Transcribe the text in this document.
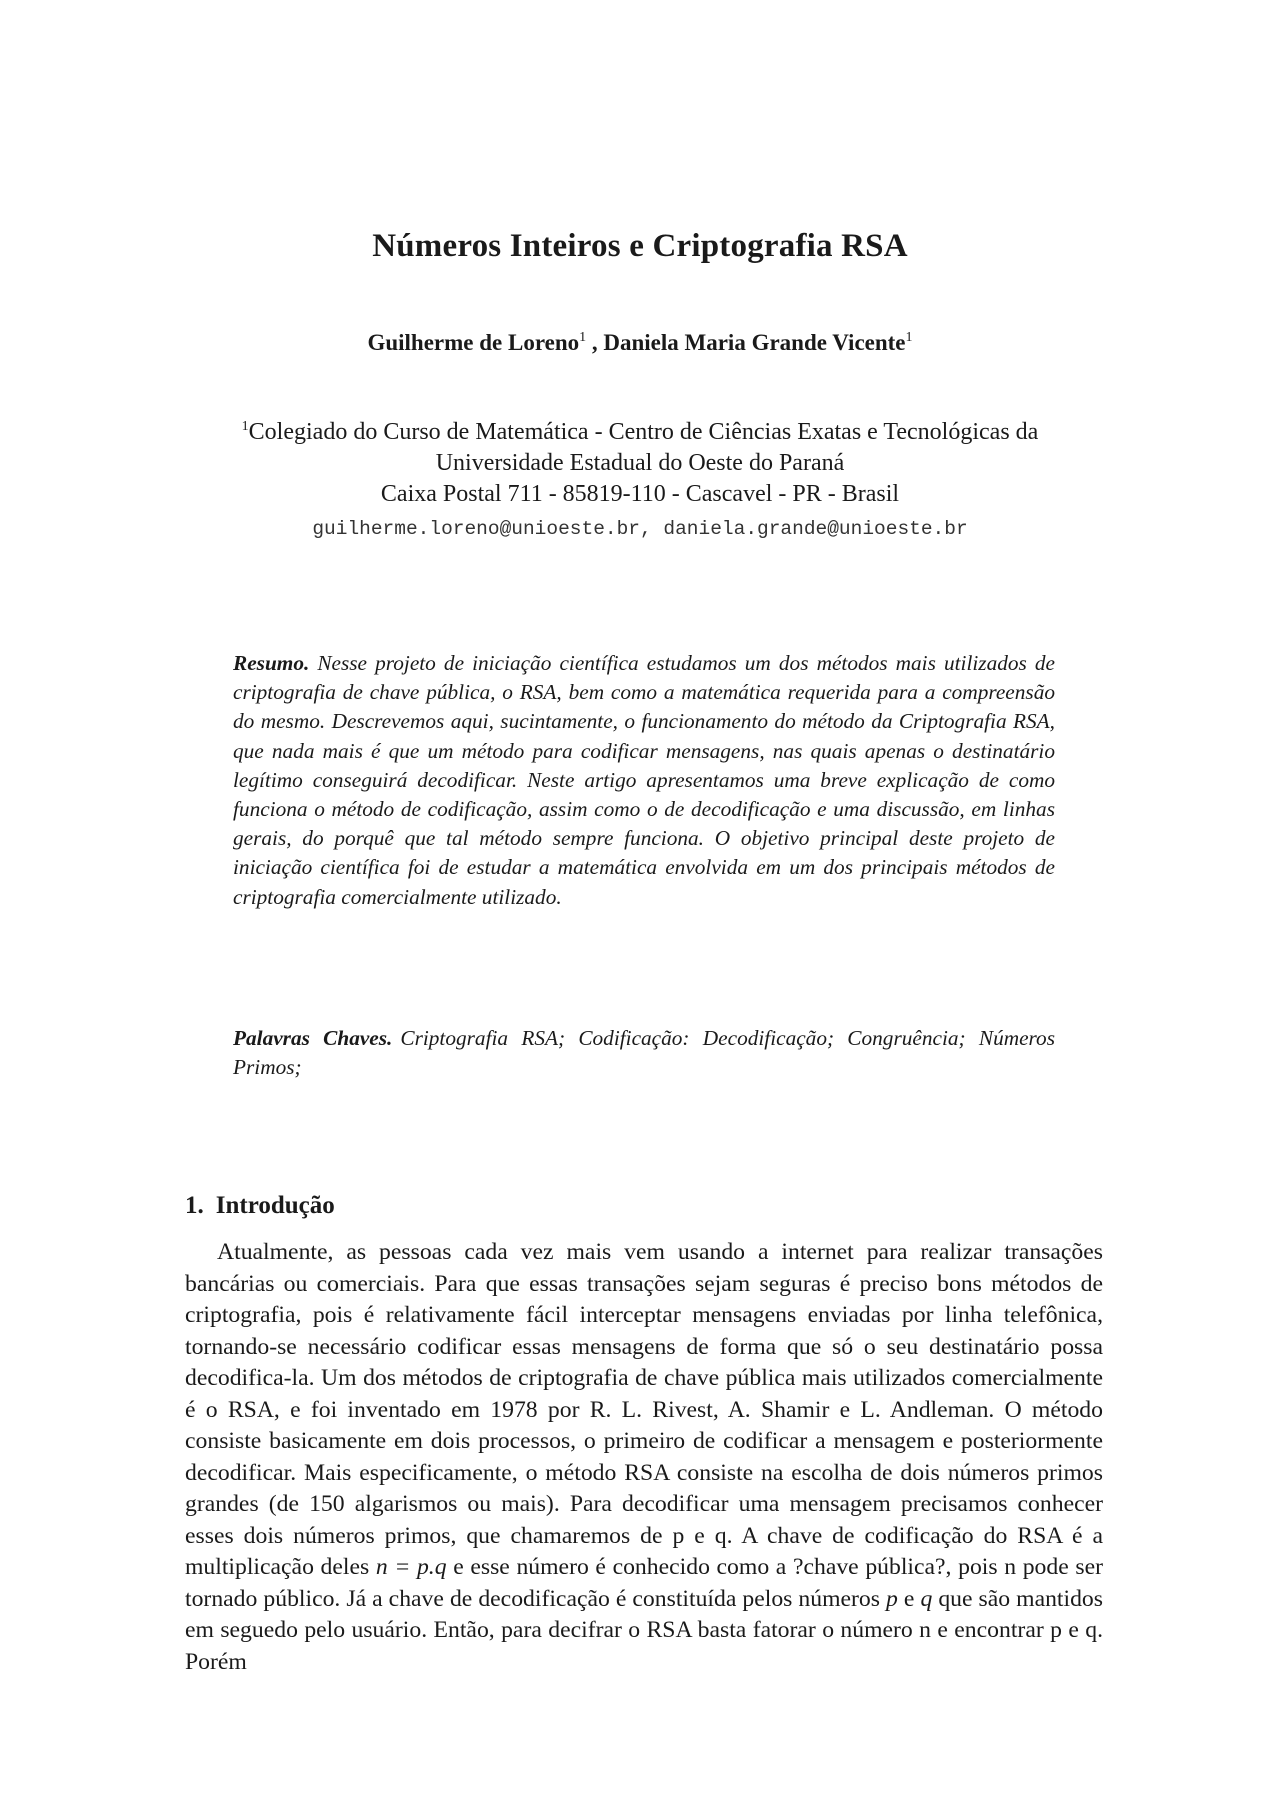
Números Inteiros e Criptografia RSA
Guilherme de Loreno$^1$ , Daniela Maria Grande Vicente$^1$
$^1$Colegiado do Curso de Matemática - Centro de Ciências Exatas e Tecnológicas da
Universidade Estadual do Oeste do Paraná
Caixa Postal 711 - 85819-110 - Cascavel - PR - Brasil
guilherme.loreno@unioeste.br, daniela.grande@unioeste.br
Resumo. Nesse projeto de iniciação científica estudamos um dos métodos mais utilizados de criptografia de chave pública, o RSA, bem como a matemática requerida para a compreensão do mesmo. Descrevemos aqui, sucintamente, o funcionamento do método da Criptografia RSA, que nada mais é que um método para codificar mensagens, nas quais apenas o destinatário legítimo conseguirá decodificar. Neste artigo apresentamos uma breve explicação de como funciona o método de codificação, assim como o de decodificação e uma discussão, em linhas gerais, do porquê que tal método sempre funciona. O objetivo principal deste projeto de iniciação científica foi de estudar a matemática envolvida em um dos principais métodos de criptografia comercialmente utilizado.
Palavras Chaves. Criptografia RSA; Codificação: Decodificação; Congruência; Números Primos;
1. Introdução
Atualmente, as pessoas cada vez mais vem usando a internet para realizar transações bancárias ou comerciais. Para que essas transações sejam seguras é preciso bons métodos de criptografia, pois é relativamente fácil interceptar mensagens enviadas por linha telefônica, tornando-se necessário codificar essas mensagens de forma que só o seu destinatário possa decodifica-la. Um dos métodos de criptografia de chave pública mais utilizados comercialmente é o RSA, e foi inventado em 1978 por R. L. Rivest, A. Shamir e L. Andleman. O método consiste basicamente em dois processos, o primeiro de codificar a mensagem e posteriormente decodificar. Mais especificamente, o método RSA consiste na escolha de dois números primos grandes (de 150 algarismos ou mais). Para decodificar uma mensagem precisamos conhecer esses dois números primos, que chamaremos de p e q. A chave de codificação do RSA é a multiplicação deles n = p.q e esse número é conhecido como a ?chave pública?, pois n pode ser tornado público. Já a chave de decodificação é constituída pelos números p e q que são mantidos em seguedo pelo usuário. Então, para decifrar o RSA basta fatorar o número n e encontrar p e q. Porém
